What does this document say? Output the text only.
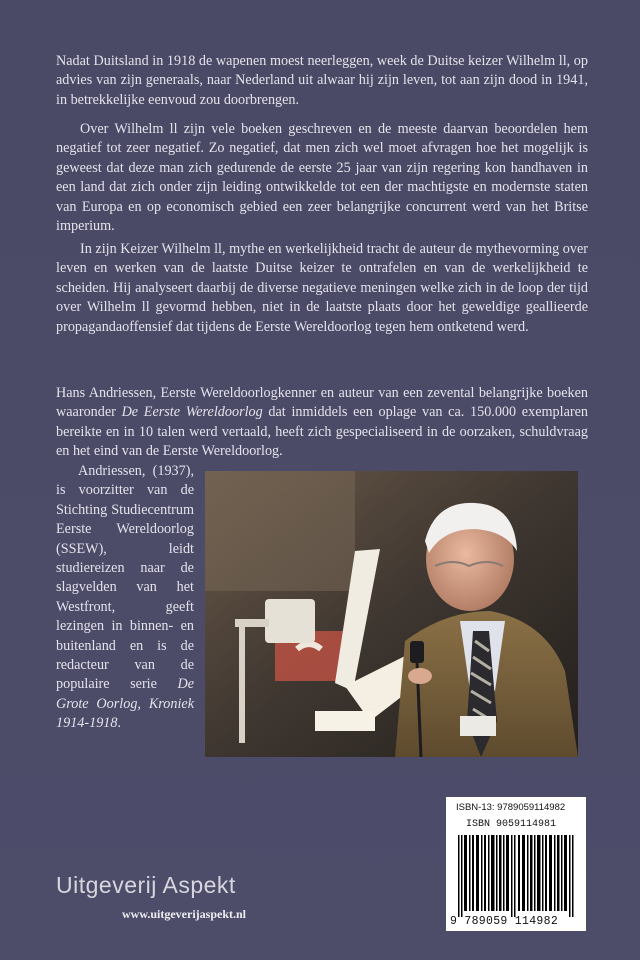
Nadat Duitsland in 1918 de wapenen moest neerleggen, week de Duitse keizer Wilhelm ll, op advies van zijn generaals, naar Nederland uit alwaar hij zijn leven, tot aan zijn dood in 1941, in betrekkelijke eenvoud zou doorbrengen.

Over Wilhelm ll zijn vele boeken geschreven en de meeste daarvan beoordelen hem negatief tot zeer negatief. Zo negatief, dat men zich wel moet afvragen hoe het mogelijk is geweest dat deze man zich gedurende de eerste 25 jaar van zijn regering kon handhaven in een land dat zich onder zijn leiding ontwikkelde tot een der machtigste en modernste staten van Europa en op economisch gebied een zeer belangrijke concurrent werd van het Britse imperium.

In zijn Keizer Wilhelm ll, mythe en werkelijkheid tracht de auteur de mythevorming over leven en werken van de laatste Duitse keizer te ontrafelen en van de werkelijkheid te scheiden. Hij analyseert daarbij de diverse negatieve meningen welke zich in de loop der tijd over Wilhelm ll gevormd hebben, niet in de laatste plaats door het geweldige geallieerde propagandaoffensief dat tijdens de Eerste Wereldoorlog tegen hem ontketend werd.

Hans Andriessen, Eerste Wereldoorlogkenner en auteur van een zevental belangrijke boeken waaronder De Eerste Wereldoorlog dat inmiddels een oplage van ca. 150.000 exemplaren bereikte en in 10 talen werd vertaald, heeft zich gespecialiseerd in de oorzaken, schuldvraag en het eind van de Eerste Wereldoorlog.

Andriessen, (1937), is voorzitter van de Stichting Studiecentrum Eerste Wereldoorlog (SSEW), leidt studiereizen naar de slagvelden van het Westfront, geeft lezingen in binnen- en buitenland en is de redacteur van de populaire serie De Grote Oorlog, Kroniek 1914-1918.

Uitgeverij Aspekt
www.uitgeverijaspekt.nl
ISBN-13: 9789059114982
ISBN 9059114981
9 789059 114982
